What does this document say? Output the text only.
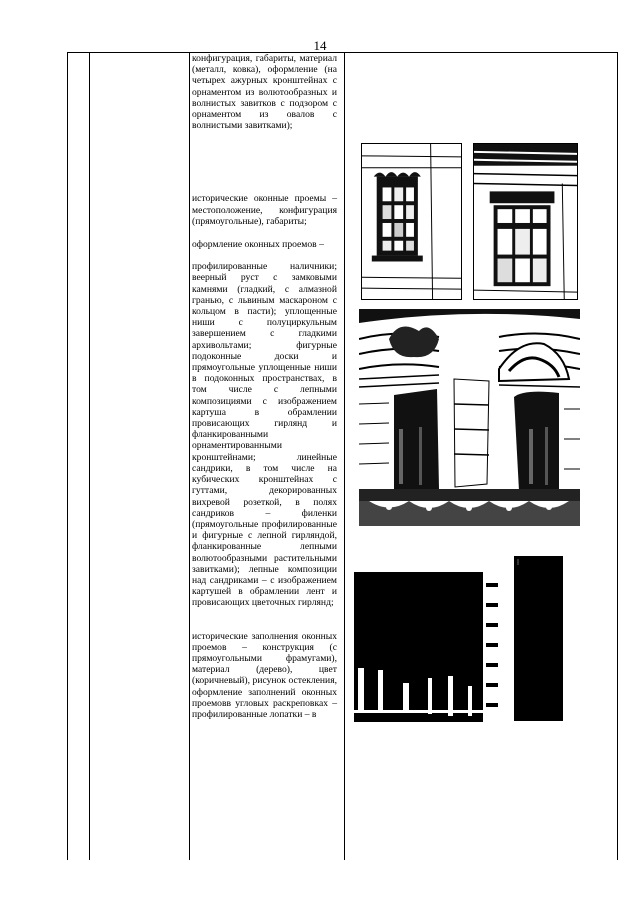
14

конфигурация, габариты, материал (металл, ковка), оформление (на четырех ажурных кронштейнах с орнаментом из волютообразных и волнистых завитков с подзором с орнаментом из овалов с волнистыми завитками);

исторические оконные проемы – местоположение, конфигурация (прямоугольные), габариты;

оформление оконных проемов –

профилированные наличники; веерный руст с замковыми камнями (гладкий, с алмазной гранью, с львиным маскароном с кольцом в пасти); уплощенные ниши с полуциркульным завершением с гладкими архивольтами; фигурные подоконные доски и прямоугольные уплощенные ниши в подоконных пространствах, в том числе с лепными композициями с изображением картуша в обрамлении провисающих гирлянд и фланкированными орнаментированными кронштейнами; линейные сандрики, в том числе на кубических кронштейнах с гуттами, декорированных вихревой розеткой, в полях сандриков – филенки (прямоугольные профилированные и фигурные с лепной гирляндой, фланкированные лепными волютообразными растительными завитками); лепные композиции над сандриками – с изображением картушей в обрамлении лент и провисающих цветочных гирлянд;

исторические заполнения оконных проемов – конструкция (с прямоугольными фрамугами), материал (дерево), цвет (коричневый), рисунок остекления, оформление заполнений оконных проемовв угловых раскреповках – профилированные лопатки – в
